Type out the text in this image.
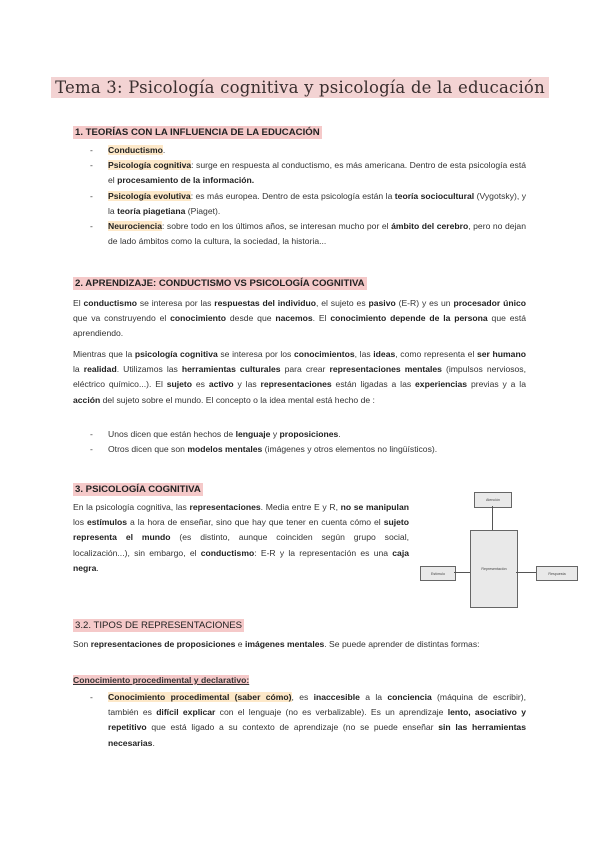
Tema 3: Psicología cognitiva y psicología de la educación
1. TEORÍAS CON LA INFLUENCIA DE LA EDUCACIÓN
- Conductismo.
- Psicología cognitiva: surge en respuesta al conductismo, es más americana. Dentro de esta psicología está el procesamiento de la información.
- Psicología evolutiva: es más europea. Dentro de esta psicología están la teoría sociocultural (Vygotsky), y la teoría piagetiana (Piaget).
- Neurociencia: sobre todo en los últimos años, se interesan mucho por el ámbito del cerebro, pero no dejan de lado ámbitos como la cultura, la sociedad, la historia...
2. APRENDIZAJE: CONDUCTISMO VS PSICOLOGÍA COGNITIVA

El conductismo se interesa por las respuestas del individuo, el sujeto es pasivo (E-R) y es un procesador único que va construyendo el conocimiento desde que nacemos. El conocimiento depende de la persona que está aprendiendo.

Mientras que la psicología cognitiva se interesa por los conocimientos, las ideas, como representa el ser humano la realidad. Utilizamos las herramientas culturales para crear representaciones mentales (impulsos nerviosos, eléctrico químico...). El sujeto es activo y las representaciones están ligadas a las experiencias previas y a la acción del sujeto sobre el mundo. El concepto o la idea mental está hecho de :

- Unos dicen que están hechos de lenguaje y proposiciones.
- Otros dicen que son modelos mentales (imágenes y otros elementos no lingüísticos).
3. PSICOLOGÍA COGNITIVA

En la psicología cognitiva, las representaciones. Media entre E y R, no se manipulan los estímulos a la hora de enseñar, sino que hay que tener en cuenta cómo el sujeto representa el mundo (es distinto, aunque coinciden según grupo social, localización...), sin embargo, el conductismo: E-R y la representación es una caja negra.

Atención
Representación
Estímulo	Respuesta
3.2. TIPOS DE REPRESENTACIONES

Son representaciones de proposiciones e imágenes mentales. Se puede aprender de distintas formas:

Conocimiento procedimental y declarativo:

- Conocimiento procedimental (saber cómo), es inaccesible a la conciencia (máquina de escribir), también es difícil explicar con el lenguaje (no es verbalizable). Es un aprendizaje lento, asociativo y repetitivo que está ligado a su contexto de aprendizaje (no se puede enseñar sin las herramientas necesarias.
